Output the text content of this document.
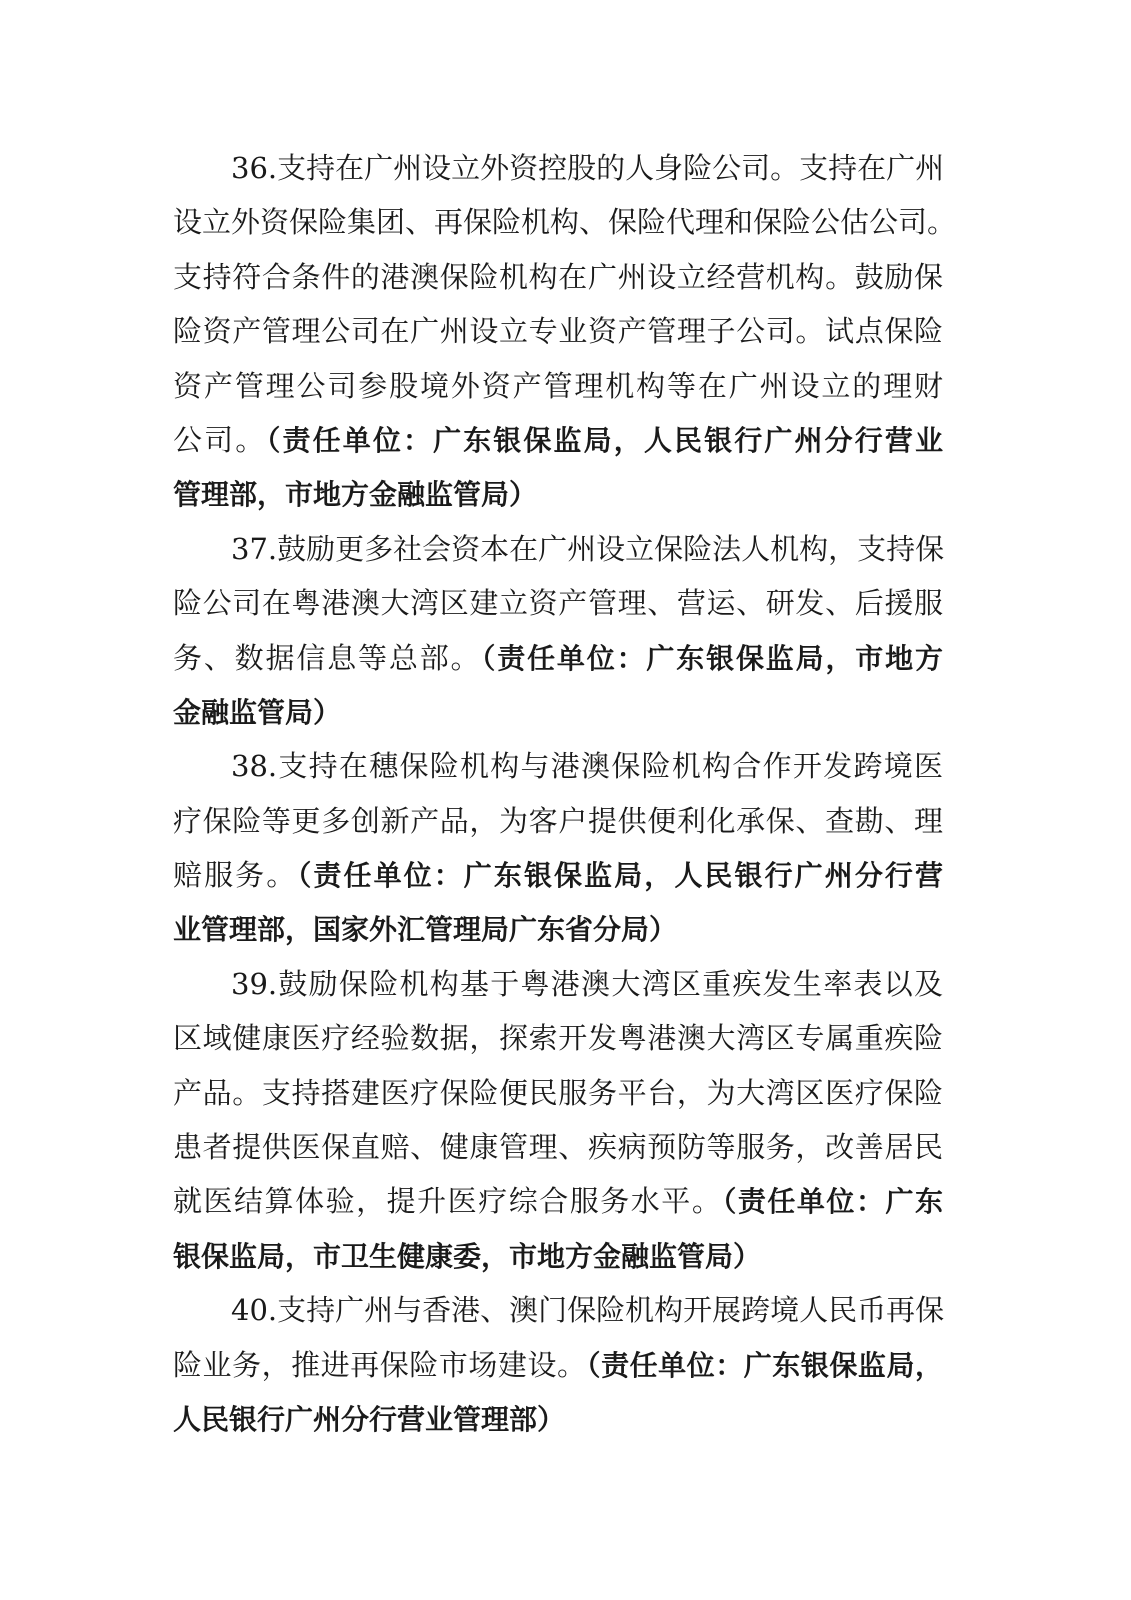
36.支持在广州设立外资控股的人身险公司。支持在广州
设立外资保险集团、再保险机构、保险代理和保险公估公司。
支持符合条件的港澳保险机构在广州设立经营机构。鼓励保
险资产管理公司在广州设立专业资产管理子公司。试点保险
资产管理公司参股境外资产管理机构等在广州设立的理财
公司。（责任单位：广东银保监局，人民银行广州分行营业
管理部，市地方金融监管局）
37.鼓励更多社会资本在广州设立保险法人机构，支持保
险公司在粤港澳大湾区建立资产管理、营运、研发、后援服
务、数据信息等总部。（责任单位：广东银保监局，市地方
金融监管局）
38.支持在穗保险机构与港澳保险机构合作开发跨境医
疗保险等更多创新产品，为客户提供便利化承保、查勘、理
赔服务。（责任单位：广东银保监局，人民银行广州分行营
业管理部，国家外汇管理局广东省分局）
39.鼓励保险机构基于粤港澳大湾区重疾发生率表以及
区域健康医疗经验数据，探索开发粤港澳大湾区专属重疾险
产品。支持搭建医疗保险便民服务平台，为大湾区医疗保险
患者提供医保直赔、健康管理、疾病预防等服务，改善居民
就医结算体验，提升医疗综合服务水平。（责任单位：广东
银保监局，市卫生健康委，市地方金融监管局）
40.支持广州与香港、澳门保险机构开展跨境人民币再保
险业务，推进再保险市场建设。（责任单位：广东银保监局，
人民银行广州分行营业管理部）
